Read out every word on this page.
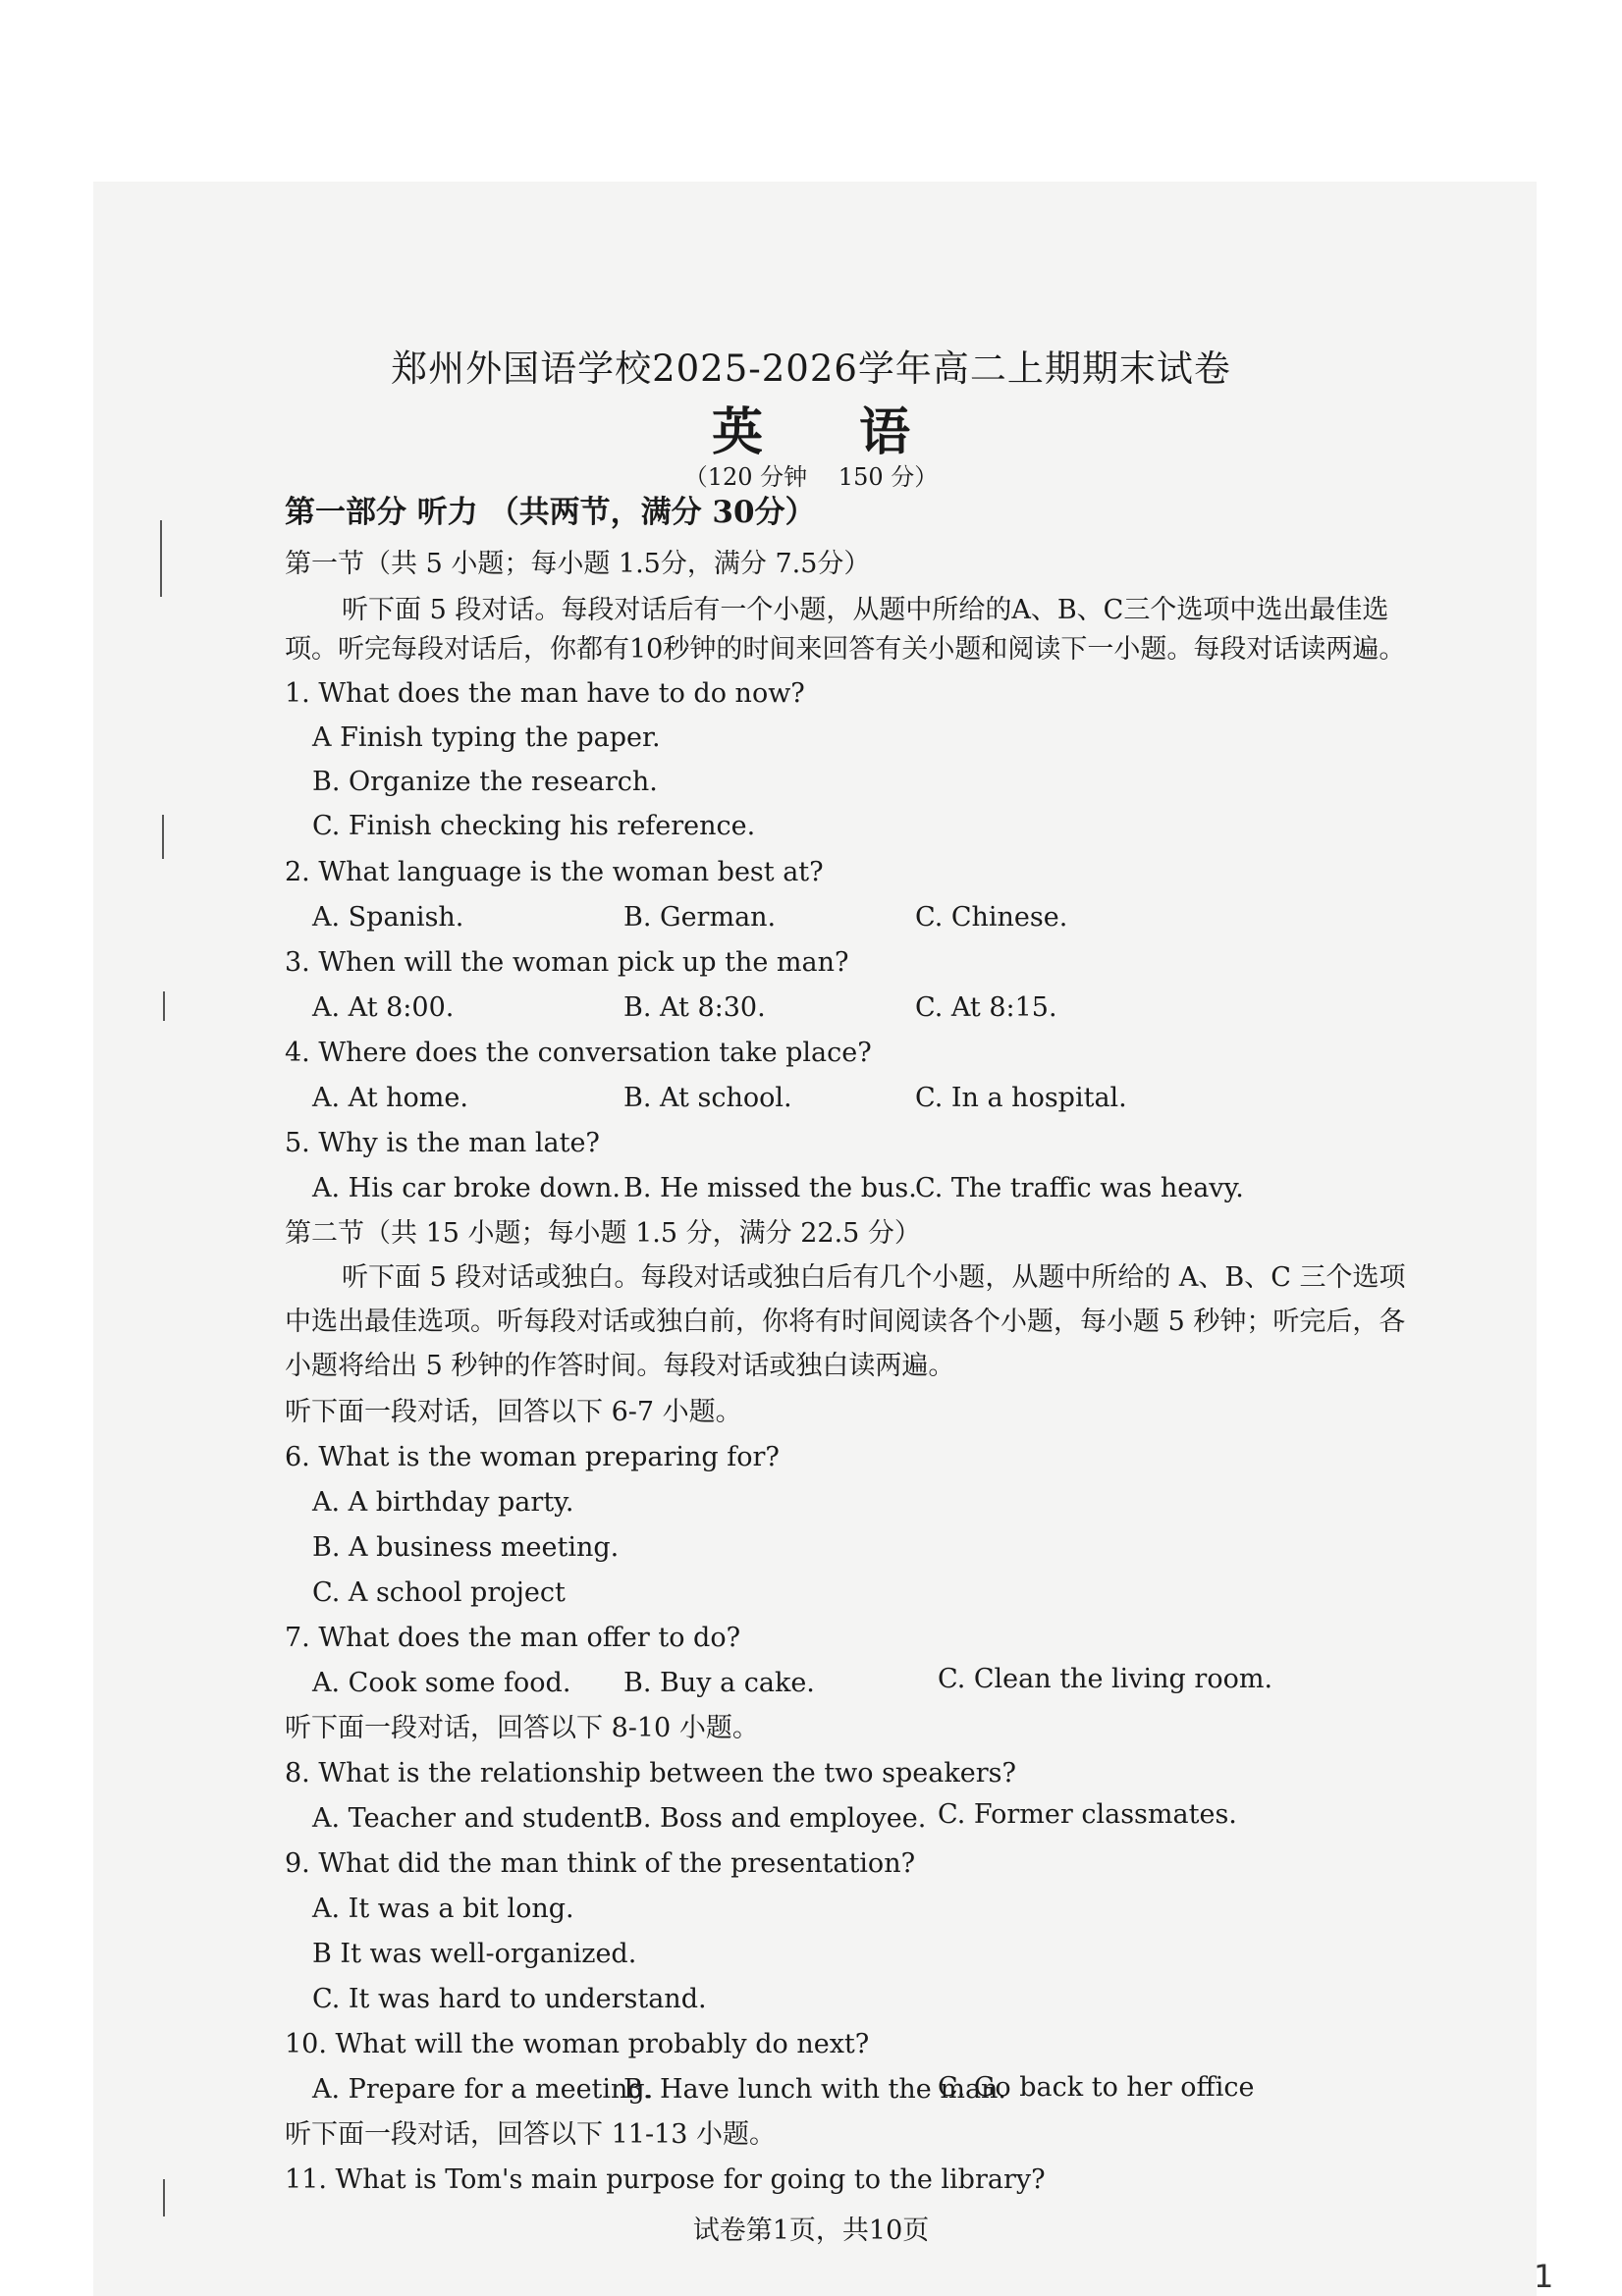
郑州外国语学校2025-2026学年高二上期期末试卷
英 语
（120 分钟　 150 分）
第一部分 听力 （共两节，满分 30分）
第一节（共 5 小题；每小题 1.5分，满分 7.5分）
听下面 5 段对话。每段对话后有一个小题，从题中所给的A、B、C三个选项中选出最佳选
项。听完每段对话后，你都有10秒钟的时间来回答有关小题和阅读下一小题。每段对话读两遍。
1. What does the man have to do now?
A Finish typing the paper.
B. Organize the research.
C. Finish checking his reference.
2. What language is the woman best at?
A. Spanish.	B. German.	C. Chinese.
3. When will the woman pick up the man?
A. At 8:00.	B. At 8:30.	C. At 8:15.
4. Where does the conversation take place?
A. At home.	B. At school.	C. In a hospital.
5. Why is the man late?
A. His car broke down. B. He missed the bus.
C. The traffic was heavy.
第二节（共 15 小题；每小题 1.5 分，满分 22.5 分）
听下面 5 段对话或独白。每段对话或独白后有几个小题，从题中所给的 A、B、C 三个选项
中选出最佳选项。听每段对话或独白前，你将有时间阅读各个小题，每小题 5 秒钟；听完后，各
小题将给出 5 秒钟的作答时间。每段对话或独白读两遍。
听下面一段对话，回答以下 6-7 小题。
6. What is the woman preparing for?
A. A birthday party.
B. A business meeting.
C. A school project
7. What does the man offer to do?
A. Cook some food. B. Buy a cake.	C. Clean the living room.
听下面一段对话，回答以下 8-10 小题。
8. What is the relationship between the two speakers?
A. Teacher and student.
B. Boss and employee. C. Former classmates.
9. What did the man think of the presentation?
A. It was a bit long.
B It was well-organized.
C. It was hard to understand.
10. What will the woman probably do next?
A. Prepare for a meeting.
B. Have lunch with the man.
C. Go back to her office
听下面一段对话，回答以下 11-13 小题。
11. What is Tom's main purpose for going to the library?
试卷第1页，共10页
1
